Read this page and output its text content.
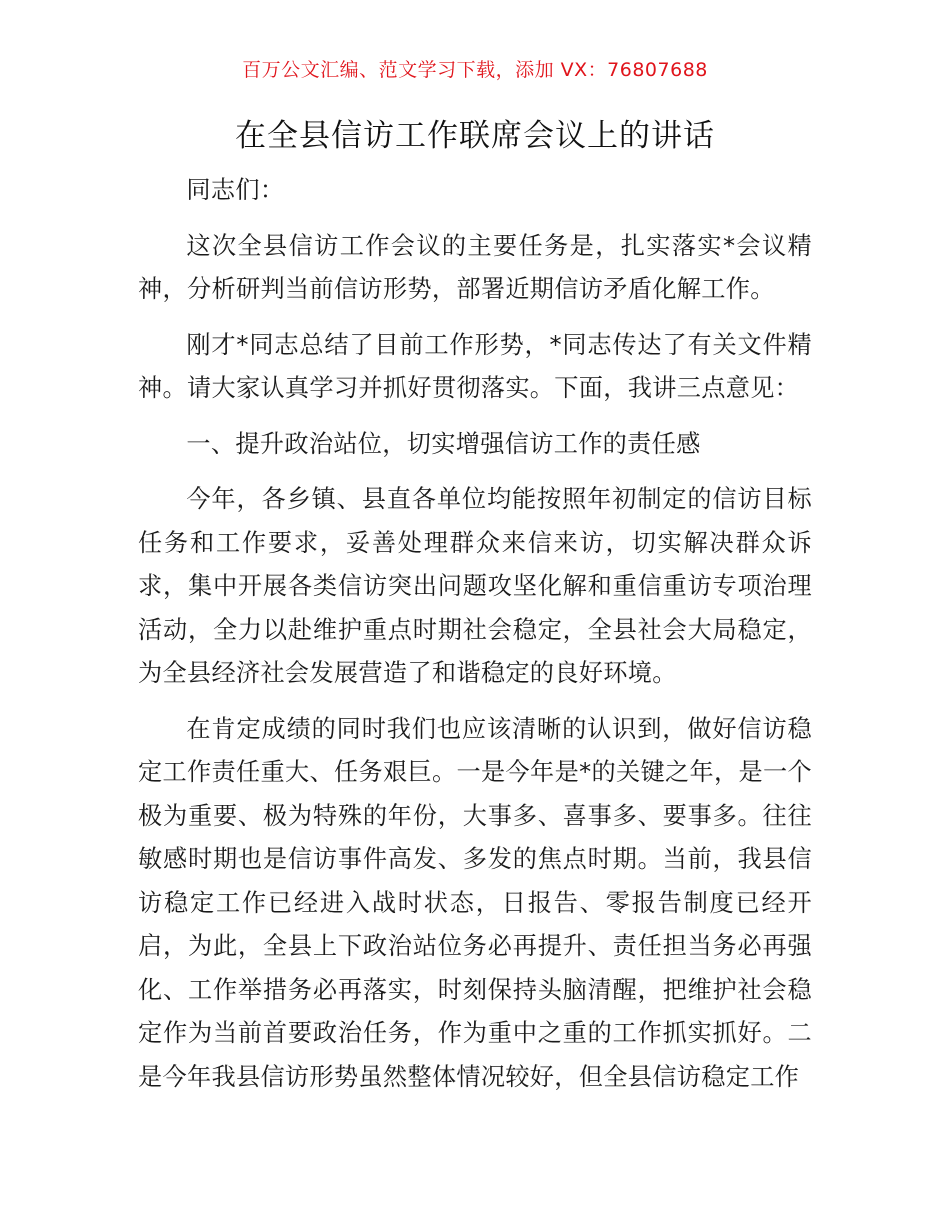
百万公文汇编、范文学习下载，添加 VX：76807688
在全县信访工作联席会议上的讲话

同志们：

这次全县信访工作会议的主要任务是，扎实落实*会议精神，分析研判当前信访形势，部署近期信访矛盾化解工作。

刚才*同志总结了目前工作形势，*同志传达了有关文件精神。请大家认真学习并抓好贯彻落实。下面，我讲三点意见：

一、提升政治站位，切实增强信访工作的责任感

今年，各乡镇、县直各单位均能按照年初制定的信访目标任务和工作要求，妥善处理群众来信来访，切实解决群众诉求，集中开展各类信访突出问题攻坚化解和重信重访专项治理活动，全力以赴维护重点时期社会稳定，全县社会大局稳定，为全县经济社会发展营造了和谐稳定的良好环境。

在肯定成绩的同时我们也应该清晰的认识到，做好信访稳定工作责任重大、任务艰巨。一是今年是*的关键之年，是一个极为重要、极为特殊的年份，大事多、喜事多、要事多。往往敏感时期也是信访事件高发、多发的焦点时期。当前，我县信访稳定工作已经进入战时状态，日报告、零报告制度已经开启，为此，全县上下政治站位务必再提升、责任担当务必再强化、工作举措务必再落实，时刻保持头脑清醒，把维护社会稳定作为当前首要政治任务，作为重中之重的工作抓实抓好。二是今年我县信访形势虽然整体情况较好，但全县信访稳定工作
